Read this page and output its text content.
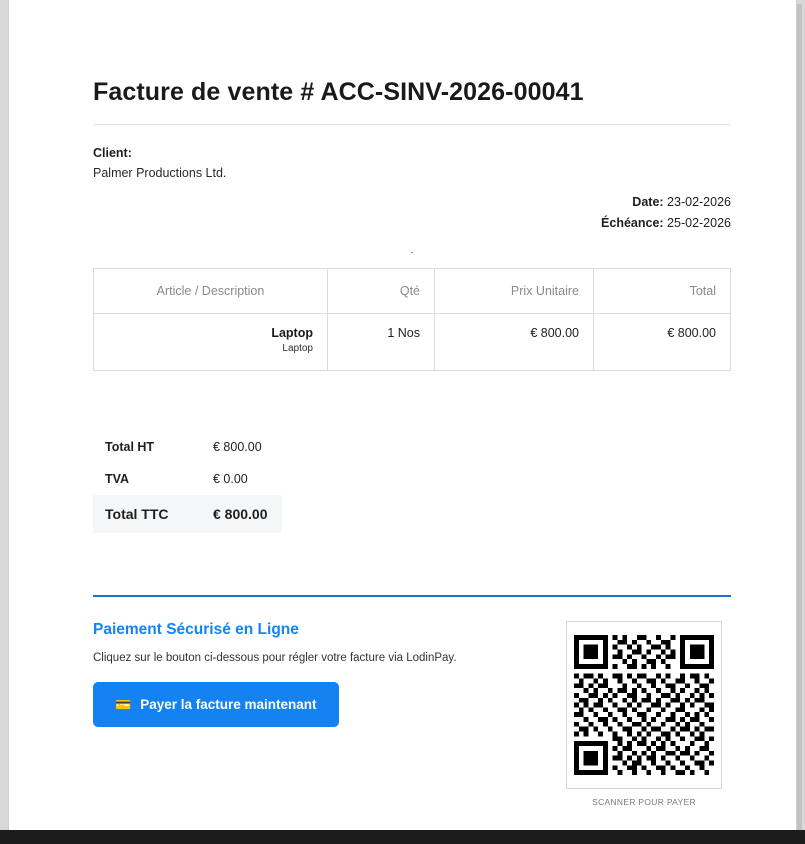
Facture de vente # ACC-SINV-2026-00041
Client:
Palmer Productions Ltd.
Date: 23-02-2026
Échéance: 25-02-2026
.
Article / Description	Qté	Prix Unitaire	Total

Laptop
Laptop	1 Nos	€ 800.00	€ 800.00
Total HT	€ 800.00
TVA	€ 0.00
Total TTC	€ 800.00
Paiement Sécurisé en Ligne
Cliquez sur le bouton ci-dessous pour régler votre facture via LodinPay.
💳 Payer la facture maintenant
SCANNER POUR PAYER
